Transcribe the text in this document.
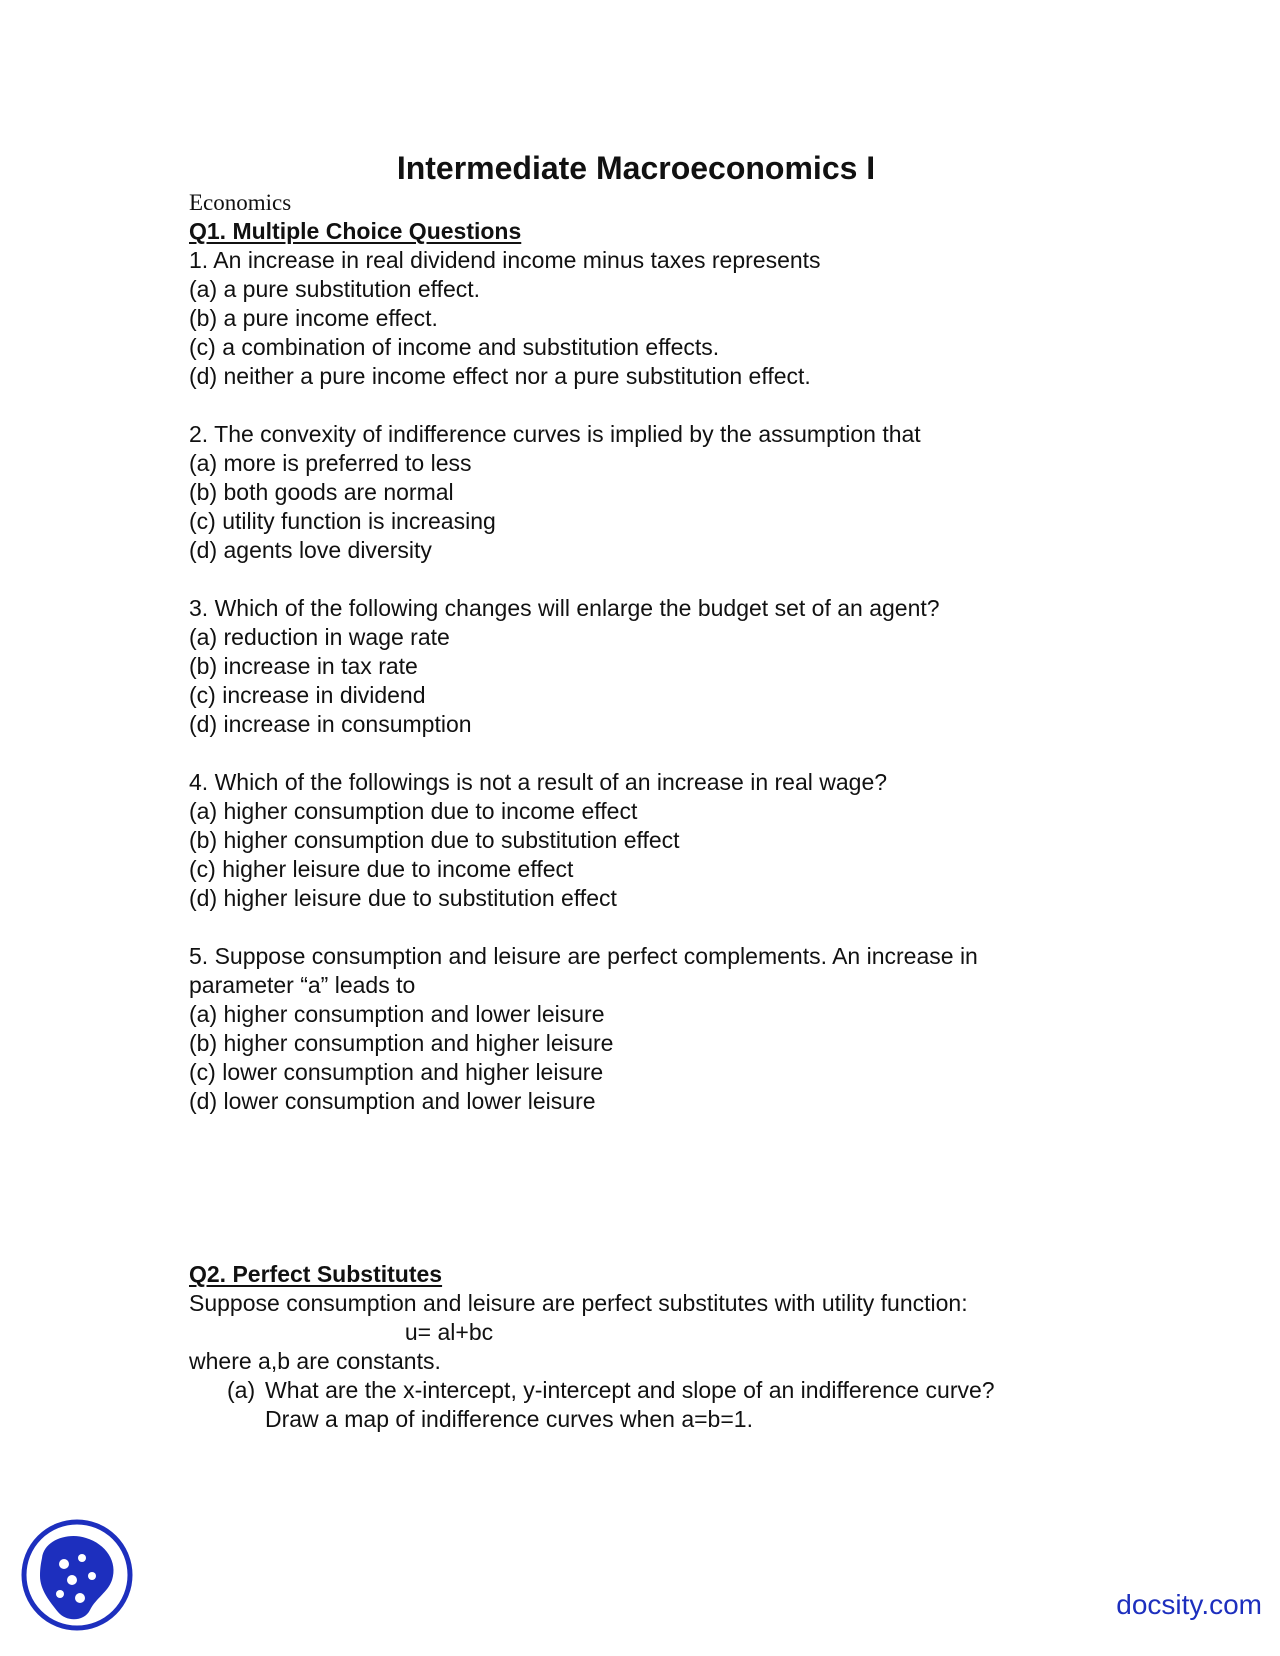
Intermediate Macroeconomics I

Economics

Q1. Multiple Choice Questions

1. An increase in real dividend income minus taxes represents

(a) a pure substitution effect.

(b) a pure income effect.

(c) a combination of income and substitution effects.

(d) neither a pure income effect nor a pure substitution effect.

2. The convexity of indifference curves is implied by the assumption that

(a) more is preferred to less

(b) both goods are normal

(c) utility function is increasing

(d) agents love diversity

3. Which of the following changes will enlarge the budget set of an agent?

(a) reduction in wage rate

(b) increase in tax rate

(c) increase in dividend

(d) increase in consumption

4. Which of the followings is not a result of an increase in real wage?

(a) higher consumption due to income effect

(b) higher consumption due to substitution effect

(c) higher leisure due to income effect

(d) higher leisure due to substitution effect

5. Suppose consumption and leisure are perfect complements. An increase in

parameter “a” leads to

(a) higher consumption and lower leisure

(b) higher consumption and higher leisure

(c) lower consumption and higher leisure

(d) lower consumption and lower leisure

Q2. Perfect Substitutes

Suppose consumption and leisure are perfect substitutes with utility function:

u= al+bc

where a,b are constants.

(a) What are the x-intercept, y-intercept and slope of an indifference curve?

Draw a map of indifference curves when a=b=1.

docsity.com
